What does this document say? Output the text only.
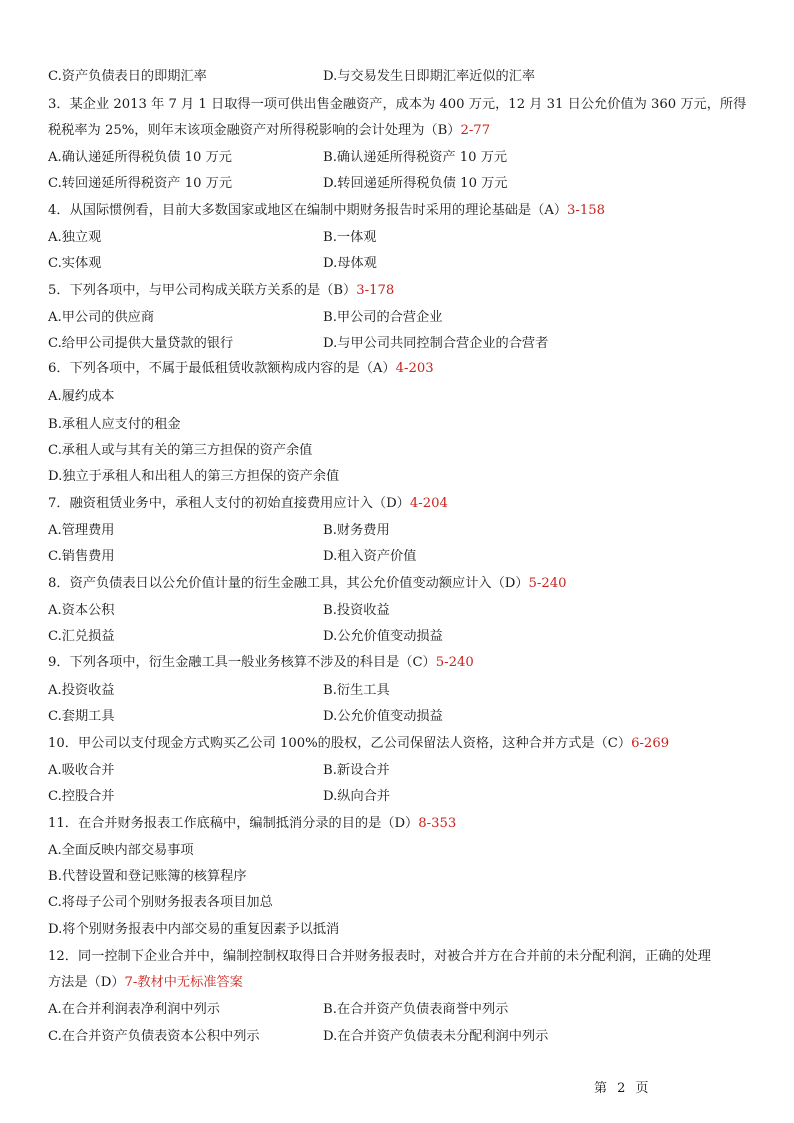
C.资产负债表日的即期汇率	D.与交易发生日即期汇率近似的汇率
3．某企业 2013 年 7 月 1 日取得一项可供出售金融资产，成本为 400 万元，12 月 31 日公允价值为 360 万元，所得
税税率为 25%，则年末该项金融资产对所得税影响的会计处理为（B）2-77
A.确认递延所得税负债 10 万元	B.确认递延所得税资产 10 万元
C.转回递延所得税资产 10 万元	D.转回递延所得税负债 10 万元
4．从国际惯例看，目前大多数国家或地区在编制中期财务报告时采用的理论基础是（A）3-158
A.独立观	B.一体观
C.实体观	D.母体观
5．下列各项中，与甲公司构成关联方关系的是（B）3-178
A.甲公司的供应商	B.甲公司的合营企业
C.给甲公司提供大量贷款的银行	D.与甲公司共同控制合营企业的合营者
6．下列各项中，不属于最低租赁收款额构成内容的是（A）4-203
A.履约成本
B.承租人应支付的租金
C.承租人或与其有关的第三方担保的资产余值
D.独立于承租人和出租人的第三方担保的资产余值
7．融资租赁业务中，承租人支付的初始直接费用应计入（D）4-204
A.管理费用	B.财务费用
C.销售费用	D.租入资产价值
8．资产负债表日以公允价值计量的衍生金融工具，其公允价值变动额应计入（D）5-240
A.资本公积	B.投资收益
C.汇兑损益	D.公允价值变动损益
9．下列各项中，衍生金融工具一般业务核算不涉及的科目是（C）5-240
A.投资收益	B.衍生工具
C.套期工具	D.公允价值变动损益
10．甲公司以支付现金方式购买乙公司 100%的股权，乙公司保留法人资格，这种合并方式是（C）6-269
A.吸收合并	B.新设合并
C.控股合并	D.纵向合并
11．在合并财务报表工作底稿中，编制抵消分录的目的是（D）8-353
A.全面反映内部交易事项
B.代替设置和登记账簿的核算程序
C.将母子公司个别财务报表各项目加总
D.将个别财务报表中内部交易的重复因素予以抵消
12．同一控制下企业合并中，编制控制权取得日合并财务报表时，对被合并方在合并前的未分配利润，正确的处理
方法是（D）7-教材中无标准答案
A.在合并利润表净利润中列示	B.在合并资产负债表商誉中列示
C.在合并资产负债表资本公积中列示	D.在合并资产负债表未分配利润中列示
第 2 页
